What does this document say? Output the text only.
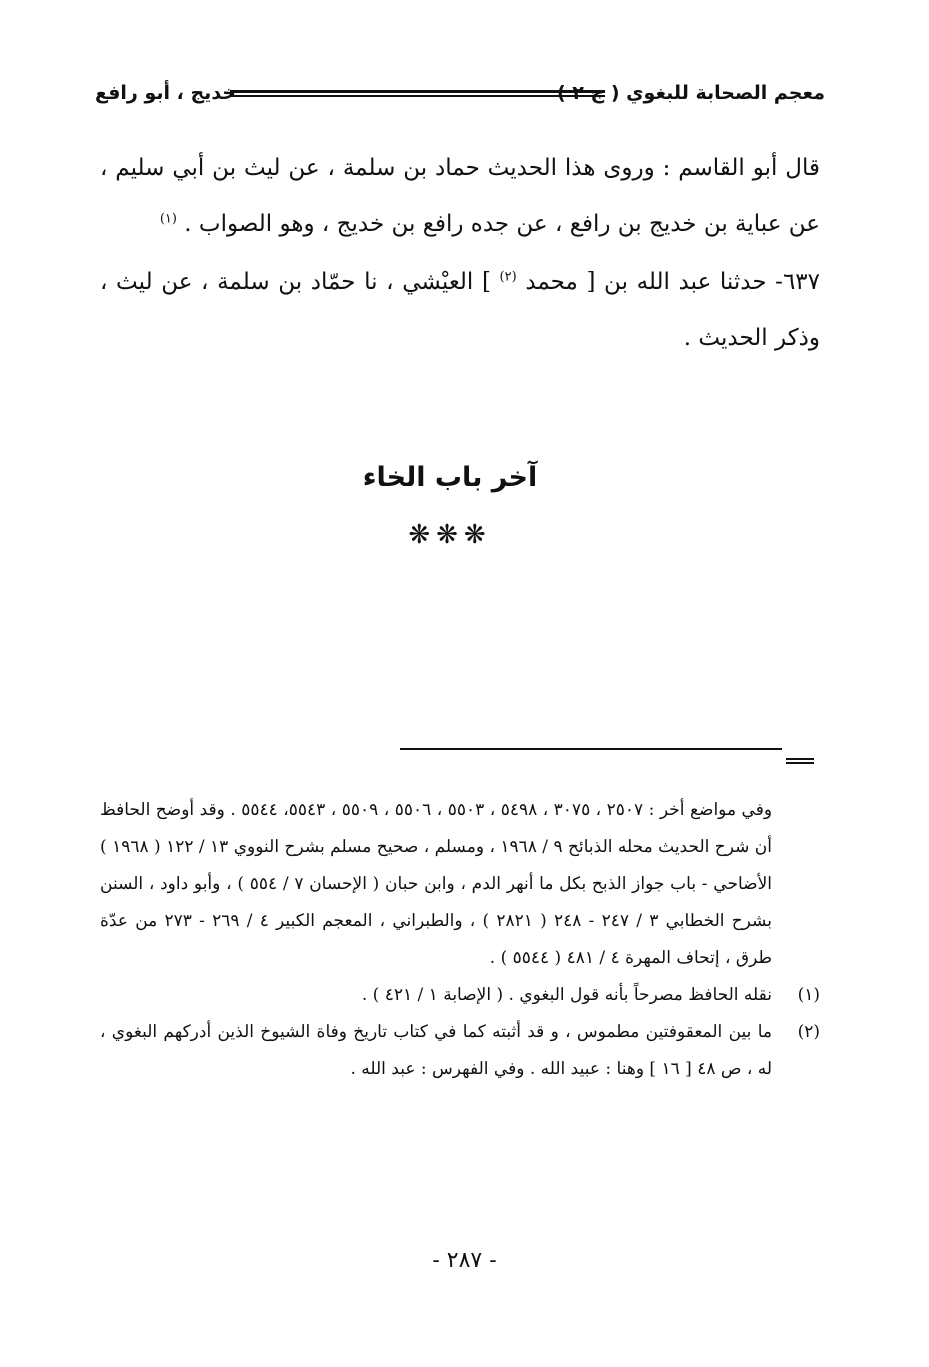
معجم الصحابة للبغوي ( ج ٢ )
خديج ، أبو رافع

قال أبو القاسم : وروى هذا الحديث حماد بن سلمة ، عن ليث بن أبي سليم ، عن عباية بن خديج بن رافع ، عن جده رافع بن خديج ، وهو الصواب . $^{(١)}$

٦٣٧- حدثنا عبد الله بن [ محمد $^{(٢)}$ ] العيْشي ، نا حمّاد بن سلمة ، عن ليث ، وذكر الحديث .

آخر باب الخاء
❋❋❋

وفي مواضع أخر : ٢٥٠٧ ، ٣٠٧٥ ، ٥٤٩٨ ، ٥٥٠٣ ، ٥٥٠٦ ، ٥٥٠٩ ، ٥٥٤٣، ٥٥٤٤ . وقد أوضح الحافظ أن شرح الحديث محله الذبائح ٩ / ١٩٦٨ ، ومسلم ، صحيح مسلم بشرح النووي ١٣ / ١٢٢ ( ١٩٦٨ ) الأضاحي - باب جواز الذبح بكل ما أنهر الدم ، وابن حبان ( الإحسان ٧ / ٥٥٤ ) ، وأبو داود ، السنن بشرح الخطابي ٣ / ٢٤٧ - ٢٤٨ ( ٢٨٢١ ) ، والطبراني ، المعجم الكبير ٤ / ٢٦٩ - ٢٧٣ من عدّة طرق ، إتحاف المهرة ٤ / ٤٨١ ( ٥٥٤٤ ) .

(١)
نقله الحافظ مصرحاً بأنه قول البغوي . ( الإصابة ١ / ٤٢١ ) .

(٢)
ما بين المعقوفتين مطموس ، و قد أثبته كما في كتاب تاريخ وفاة الشيوخ الذين أدركهم البغوي ، له ، ص ٤٨ [ ١٦ ] وهنا : عبيد الله . وفي الفهرس : عبد الله .

- ٢٨٧ -
